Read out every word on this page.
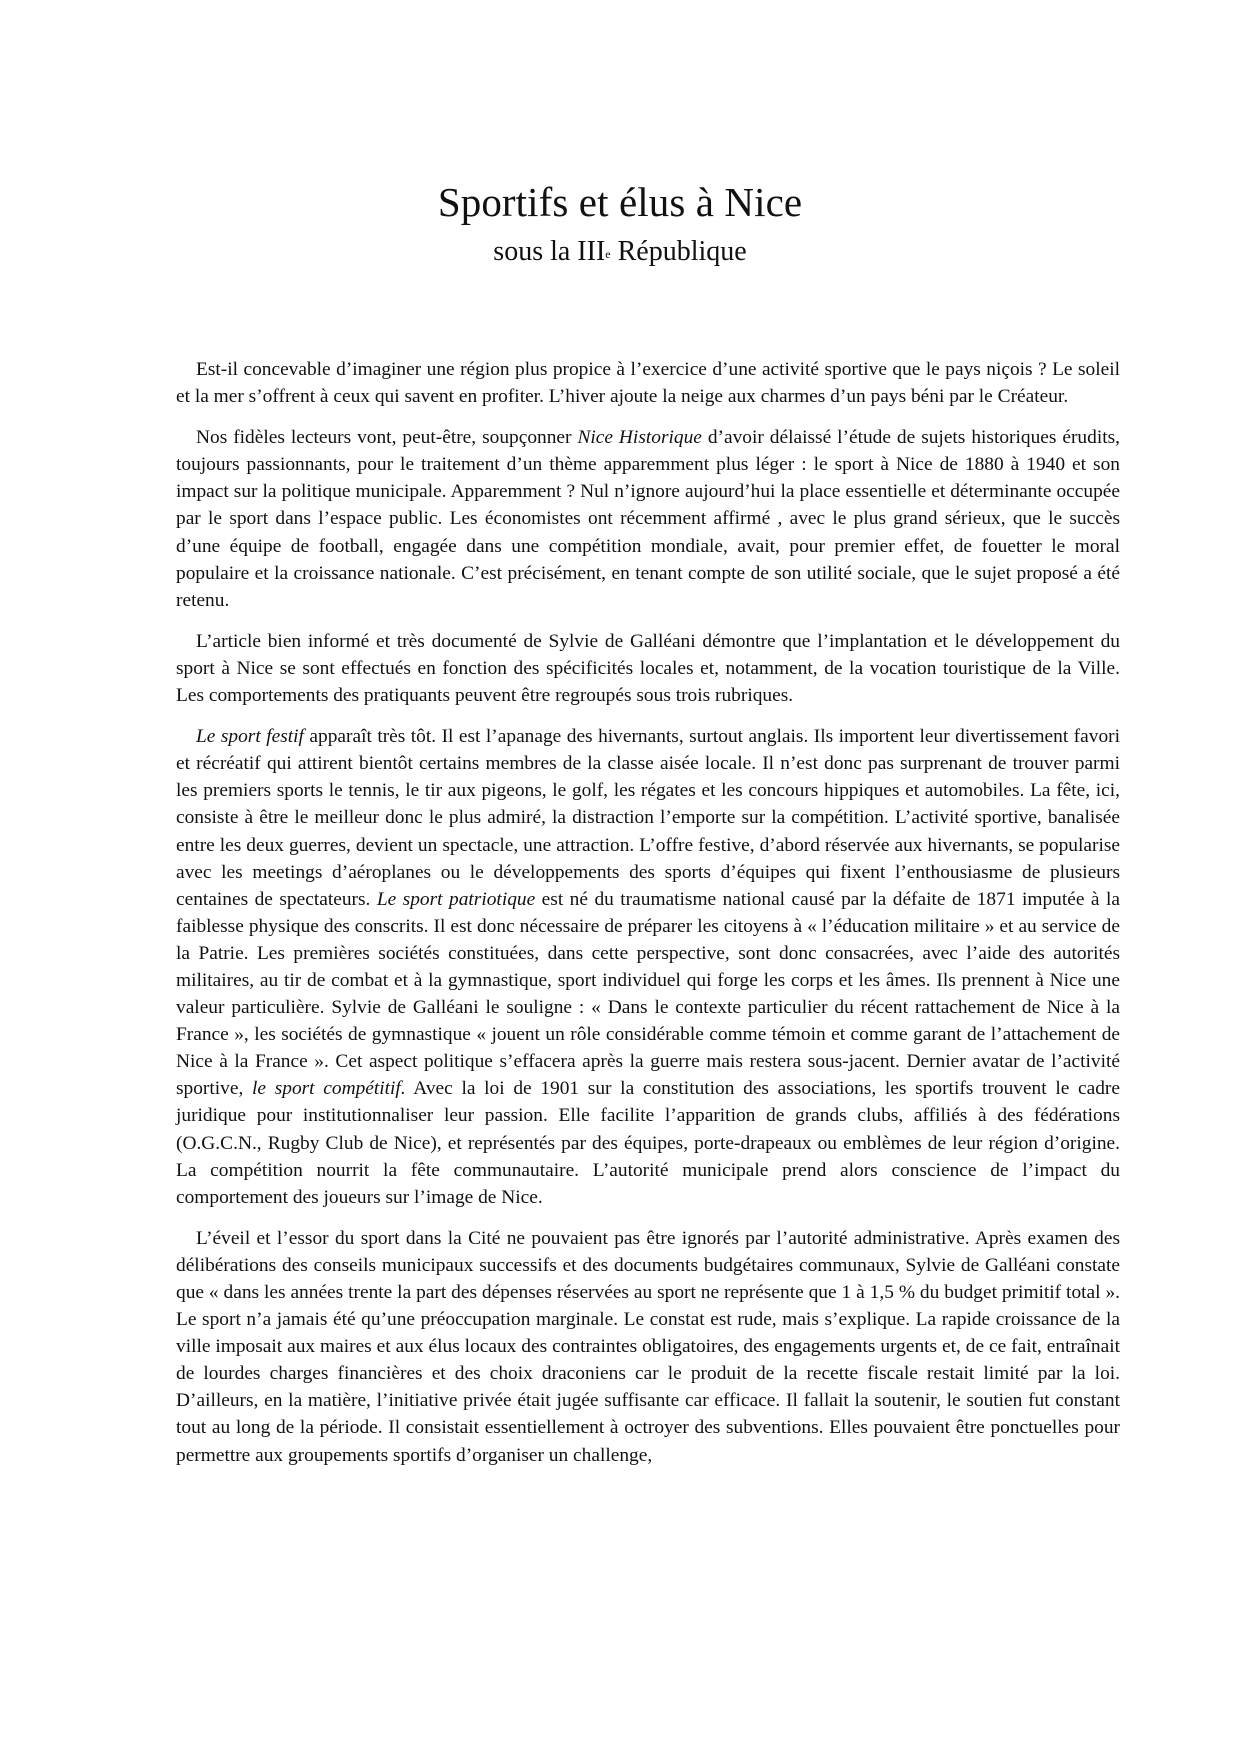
Sportifs et élus à Nice
sous la IIIe République

Est-il concevable d’imaginer une région plus propice à l’exercice d’une activité sportive que le pays niçois ? Le soleil et la mer s’offrent à ceux qui savent en profiter. L’hiver ajoute la neige aux charmes d’un pays béni par le Créateur.

Nos fidèles lecteurs vont, peut-être, soupçonner Nice Historique d’avoir délaissé l’étude de sujets historiques érudits, toujours passionnants, pour le traitement d’un thème apparemment plus léger : le sport à Nice de 1880 à 1940 et son impact sur la politique municipale. Apparemment ? Nul n’ignore aujourd’hui la place essentielle et déterminante occupée par le sport dans l’espace public. Les économistes ont récemment affirmé , avec le plus grand sérieux, que le succès d’une équipe de football, engagée dans une compétition mondiale, avait, pour premier effet, de fouetter le moral populaire et la croissance nationale. C’est précisément, en tenant compte de son utilité sociale, que le sujet proposé a été retenu.

L’article bien informé et très documenté de Sylvie de Galléani démontre que l’implantation et le développement du sport à Nice se sont effectués en fonction des spécificités locales et, notamment, de la vocation touristique de la Ville. Les comportements des pratiquants peuvent être regroupés sous trois rubriques.

Le sport festif apparaît très tôt. Il est l’apanage des hivernants, surtout anglais. Ils importent leur divertissement favori et récréatif qui attirent bientôt certains membres de la classe aisée locale. Il n’est donc pas surprenant de trouver parmi les premiers sports le tennis, le tir aux pigeons, le golf, les régates et les concours hippiques et automobiles. La fête, ici, consiste à être le meilleur donc le plus admiré, la distraction l’emporte sur la compétition. L’activité sportive, banalisée entre les deux guerres, devient un spectacle, une attraction. L’offre festive, d’abord réservée aux hivernants, se popularise avec les meetings d’aéroplanes ou le développements des sports d’équipes qui fixent l’enthousiasme de plusieurs centaines de spectateurs. Le sport patriotique est né du traumatisme national causé par la défaite de 1871 imputée à la faiblesse physique des conscrits. Il est donc nécessaire de préparer les citoyens à « l’éducation militaire » et au service de la Patrie. Les premières sociétés constituées, dans cette perspective, sont donc consacrées, avec l’aide des autorités militaires, au tir de combat et à la gymnastique, sport individuel qui forge les corps et les âmes. Ils prennent à Nice une valeur particulière. Sylvie de Galléani le souligne : « Dans le contexte particulier du récent rattachement de Nice à la France », les sociétés de gymnastique « jouent un rôle considérable comme témoin et comme garant de l’attachement de Nice à la France ». Cet aspect politique s’effacera après la guerre mais restera sous-jacent. Dernier avatar de l’activité sportive, le sport compétitif. Avec la loi de 1901 sur la constitution des associations, les sportifs trouvent le cadre juridique pour institutionnaliser leur passion. Elle facilite l’apparition de grands clubs, affiliés à des fédérations (O.G.C.N., Rugby Club de Nice), et représentés par des équipes, porte-drapeaux ou emblèmes de leur région d’origine. La compétition nourrit la fête communautaire. L’autorité municipale prend alors conscience de l’impact du comportement des joueurs sur l’image de Nice.

L’éveil et l’essor du sport dans la Cité ne pouvaient pas être ignorés par l’autorité administrative. Après examen des délibérations des conseils municipaux successifs et des documents budgétaires communaux, Sylvie de Galléani constate que « dans les années trente la part des dépenses réservées au sport ne représente que 1 à 1,5 % du budget primitif total ». Le sport n’a jamais été qu’une préoccupation marginale. Le constat est rude, mais s’explique. La rapide croissance de la ville imposait aux maires et aux élus locaux des contraintes obligatoires, des engagements urgents et, de ce fait, entraînait de lourdes charges financières et des choix draconiens car le produit de la recette fiscale restait limité par la loi. D’ailleurs, en la matière, l’initiative privée était jugée suffisante car efficace. Il fallait la soutenir, le soutien fut constant tout au long de la période. Il consistait essentiellement à octroyer des subventions. Elles pouvaient être ponctuelles pour permettre aux groupements sportifs d’organiser un challenge,
